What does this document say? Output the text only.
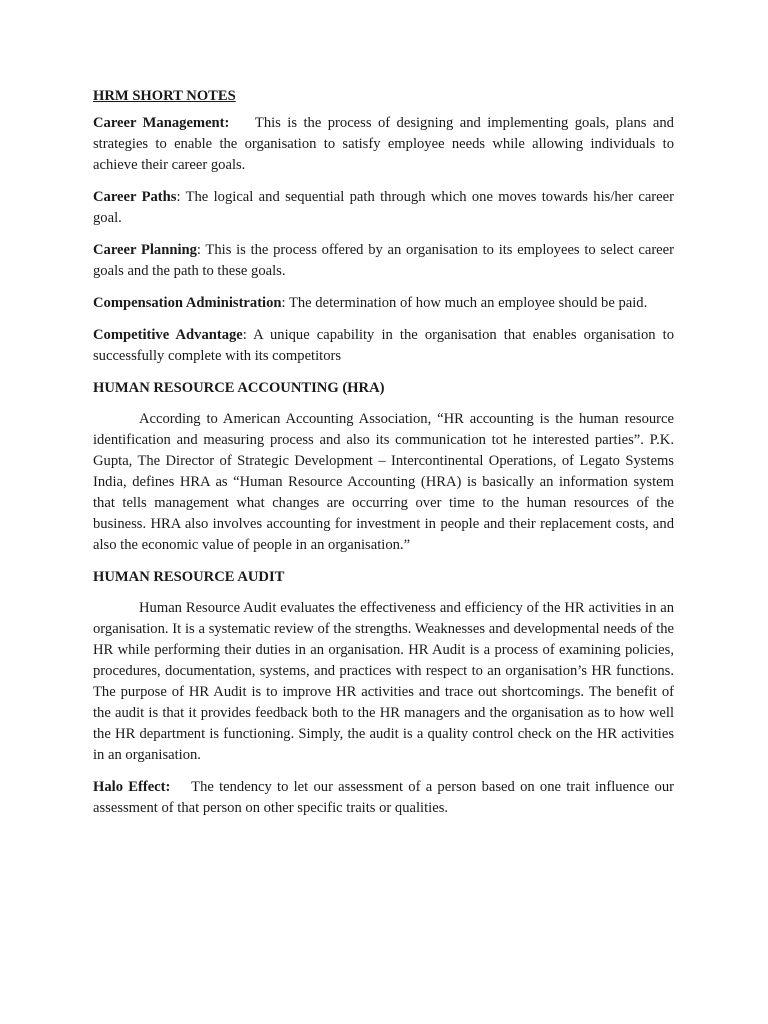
HRM SHORT NOTES

Career Management: This is the process of designing and implementing goals, plans and strategies to enable the organisation to satisfy employee needs while allowing individuals to achieve their career goals.

Career Paths: The logical and sequential path through which one moves towards his/her career goal.

Career Planning: This is the process offered by an organisation to its employees to select career goals and the path to these goals.

Compensation Administration: The determination of how much an employee should be paid.

Competitive Advantage: A unique capability in the organisation that enables organisation to successfully complete with its competitors

HUMAN RESOURCE ACCOUNTING (HRA)

According to American Accounting Association, “HR accounting is the human resource identification and measuring process and also its communication tot he interested parties”. P.K. Gupta, The Director of Strategic Development – Intercontinental Operations, of Legato Systems India, defines HRA as “Human Resource Accounting (HRA) is basically an information system that tells management what changes are occurring over time to the human resources of the business. HRA also involves accounting for investment in people and their replacement costs, and also the economic value of people in an organisation.”

HUMAN RESOURCE AUDIT

Human Resource Audit evaluates the effectiveness and efficiency of the HR activities in an organisation. It is a systematic review of the strengths. Weaknesses and developmental needs of the HR while performing their duties in an organisation. HR Audit is a process of examining policies, procedures, documentation, systems, and practices with respect to an organisation’s HR functions. The purpose of HR Audit is to improve HR activities and trace out shortcomings. The benefit of the audit is that it provides feedback both to the HR managers and the organisation as to how well the HR department is functioning. Simply, the audit is a quality control check on the HR activities in an organisation.

Halo Effect: The tendency to let our assessment of a person based on one trait influence our assessment of that person on other specific traits or qualities.
